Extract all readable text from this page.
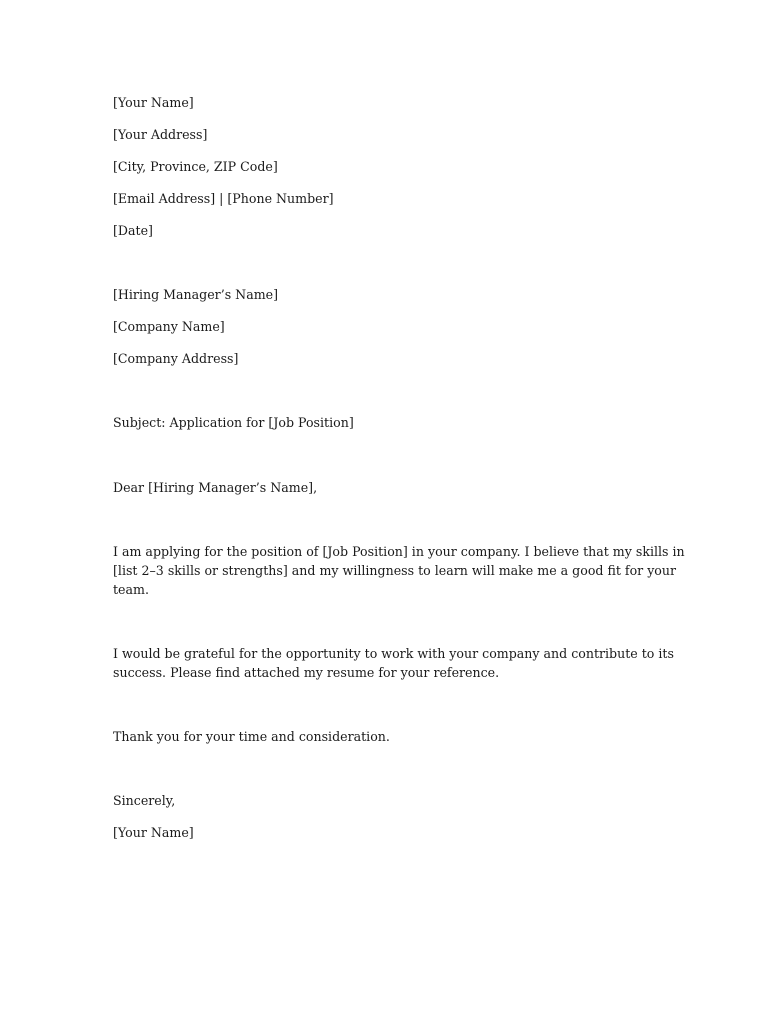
[Your Name]
[Your Address]
[City, Province, ZIP Code]
[Email Address] | [Phone Number]
[Date]
[Hiring Manager’s Name]
[Company Name]
[Company Address]
Subject: Application for [Job Position]
Dear [Hiring Manager’s Name],
I am applying for the position of [Job Position] in your company. I believe that my skills in
[list 2–3 skills or strengths] and my willingness to learn will make me a good fit for your
team.
I would be grateful for the opportunity to work with your company and contribute to its
success. Please find attached my resume for your reference.
Thank you for your time and consideration.
Sincerely,
[Your Name]
